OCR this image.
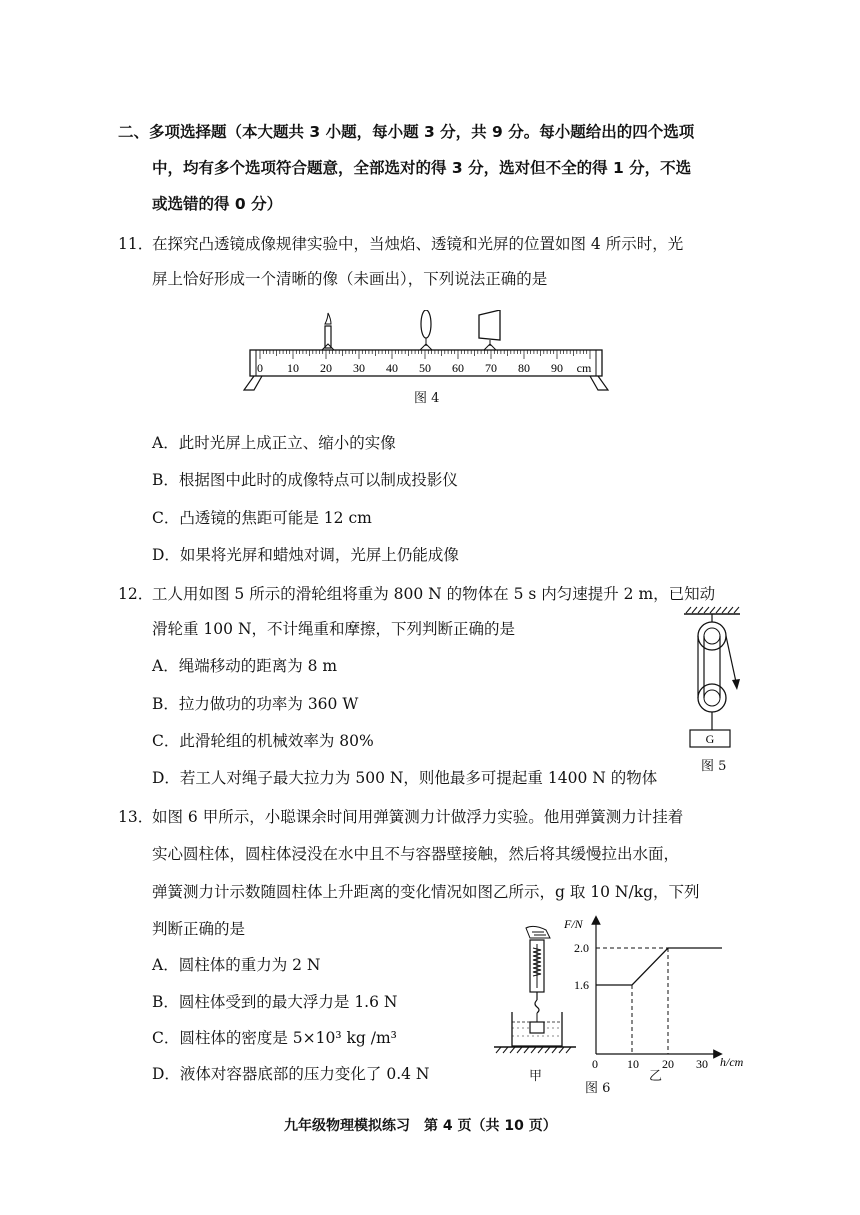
二、多项选择题（本大题共 3 小题，每小题 3 分，共 9 分。每小题给出的四个选项
中，均有多个选项符合题意，全部选对的得 3 分，选对但不全的得 1 分，不选
或选错的得 0 分）
11．
在探究凸透镜成像规律实验中，当烛焰、透镜和光屏的位置如图 4 所示时，光
屏上恰好形成一个清晰的像（未画出），下列说法正确的是
0 10 20 30 40 50 60 70 80 90 cm
图 4
A．此时光屏上成正立、缩小的实像
B．根据图中此时的成像特点可以制成投影仪
C．凸透镜的焦距可能是 12 cm
D．如果将光屏和蜡烛对调，光屏上仍能成像
12．
工人用如图 5 所示的滑轮组将重为 800 N 的物体在 5 s 内匀速提升 2 m，已知动
滑轮重 100 N，不计绳重和摩擦，下列判断正确的是
A．绳端移动的距离为 8 m
B．拉力做功的功率为 360 W
C．此滑轮组的机械效率为 80%
D．若工人对绳子最大拉力为 500 N，则他最多可提起重 1400 N 的物体
G
图 5
13．
如图 6 甲所示，小聪课余时间用弹簧测力计做浮力实验。他用弹簧测力计挂着
实心圆柱体，圆柱体浸没在水中且不与容器壁接触，然后将其缓慢拉出水面，
弹簧测力计示数随圆柱体上升距离的变化情况如图乙所示，g 取 10 N/kg，下列
判断正确的是
A．圆柱体的重力为 2 N
B．圆柱体受到的最大浮力是 1.6 N
C．圆柱体的密度是 5×10³ kg /m³
D．液体对容器底部的压力变化了 0.4 N	甲
F/N
h/cm
2.0
1.6
0 10 20 30
乙
图 6
九年级物理模拟练习　第 4 页（共 10 页）
